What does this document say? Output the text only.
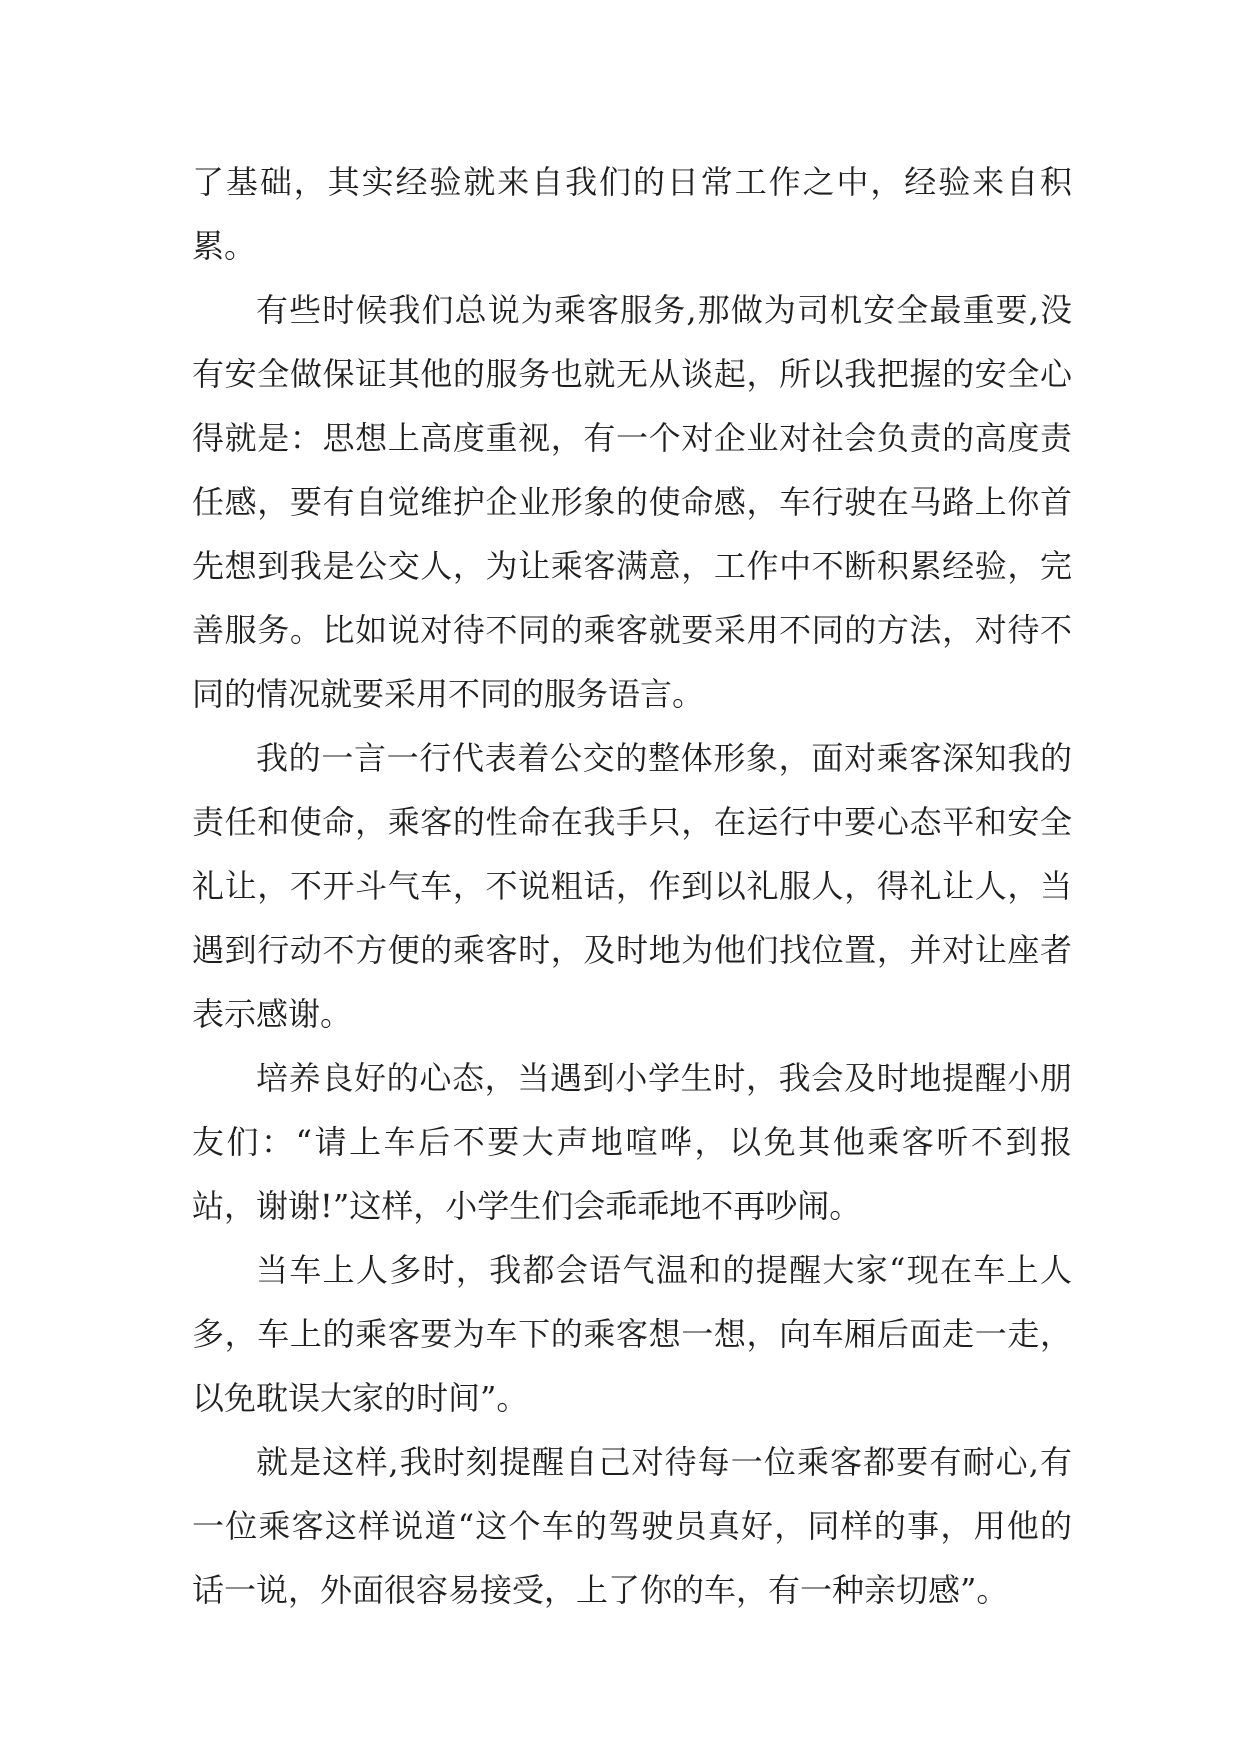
了基础，其实经验就来自我们的日常工作之中，经验来自积累。

有些时候我们总说为乘客服务,那做为司机安全最重要,没有安全做保证其他的服务也就无从谈起，所以我把握的安全心得就是：思想上高度重视，有一个对企业对社会负责的高度责任感，要有自觉维护企业形象的使命感，车行驶在马路上你首先想到我是公交人，为让乘客满意，工作中不断积累经验，完善服务。比如说对待不同的乘客就要采用不同的方法，对待不同的情况就要采用不同的服务语言。

我的一言一行代表着公交的整体形象，面对乘客深知我的责任和使命，乘客的性命在我手只，在运行中要心态平和安全礼让，不开斗气车，不说粗话，作到以礼服人，得礼让人，当遇到行动不方便的乘客时，及时地为他们找位置，并对让座者表示感谢。

培养良好的心态，当遇到小学生时，我会及时地提醒小朋友们：“请上车后不要大声地喧哗，以免其他乘客听不到报站，谢谢!”这样，小学生们会乖乖地不再吵闹。

当车上人多时，我都会语气温和的提醒大家“现在车上人多，车上的乘客要为车下的乘客想一想，向车厢后面走一走，以免耽误大家的时间”。

就是这样,我时刻提醒自己对待每一位乘客都要有耐心,有一位乘客这样说道“这个车的驾驶员真好，同样的事，用他的话一说，外面很容易接受，上了你的车，有一种亲切感”。
